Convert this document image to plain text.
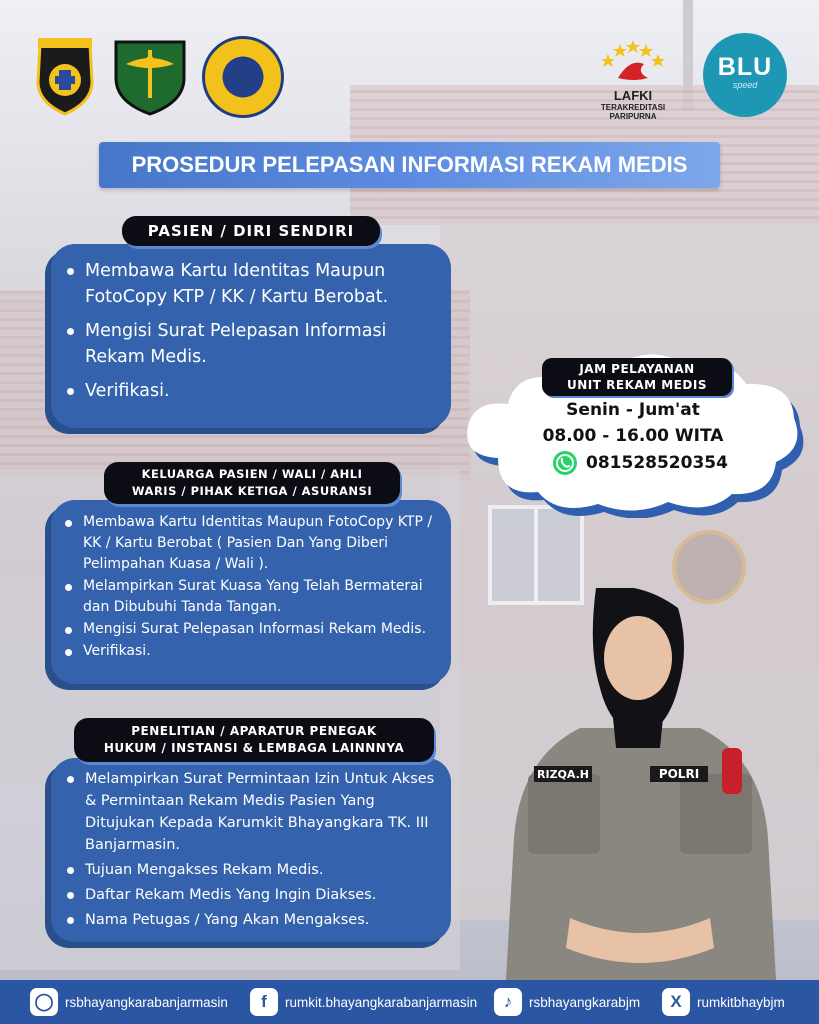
LAFKI
TERAKREDITASI PARIPURNA
BLU
speed
PROSEDUR PELEPASAN INFORMASI REKAM MEDIS
PASIEN / DIRI SENDIRI
Membawa Kartu Identitas Maupun FotoCopy KTP / KK / Kartu Berobat.
Mengisi Surat Pelepasan Informasi Rekam Medis.
Verifikasi.
KELUARGA PASIEN / WALI / AHLI
WARIS / PIHAK KETIGA / ASURANSI
Membawa Kartu Identitas Maupun FotoCopy KTP / KK / Kartu Berobat ( Pasien Dan Yang Diberi Pelimpahan Kuasa / Wali ).
Melampirkan Surat Kuasa Yang Telah Bermaterai dan Dibubuhi Tanda Tangan.
Mengisi Surat Pelepasan Informasi Rekam Medis.
Verifikasi.
PENELITIAN / APARATUR PENEGAK
HUKUM / INSTANSI & LEMBAGA LAINNNYA
Melampirkan Surat Permintaan Izin Untuk Akses & Permintaan Rekam Medis Pasien Yang Ditujukan Kepada Karumkit Bhayangkara TK. III Banjarmasin.
Tujuan Mengakses Rekam Medis.
Daftar Rekam Medis Yang Ingin Diakses.
Nama Petugas / Yang Akan Mengakses.
JAM PELAYANAN
UNIT REKAM MEDIS
Senin - Jum'at
08.00 - 16.00 WITA
081528520354
RIZQA.H	POLRI
◯ rsbhayangkarabanjarmasin	f	rumkit.bhayangkarabanjarmasin	♪	rsbhayangkarabjm	X	rumkitbhaybjm
